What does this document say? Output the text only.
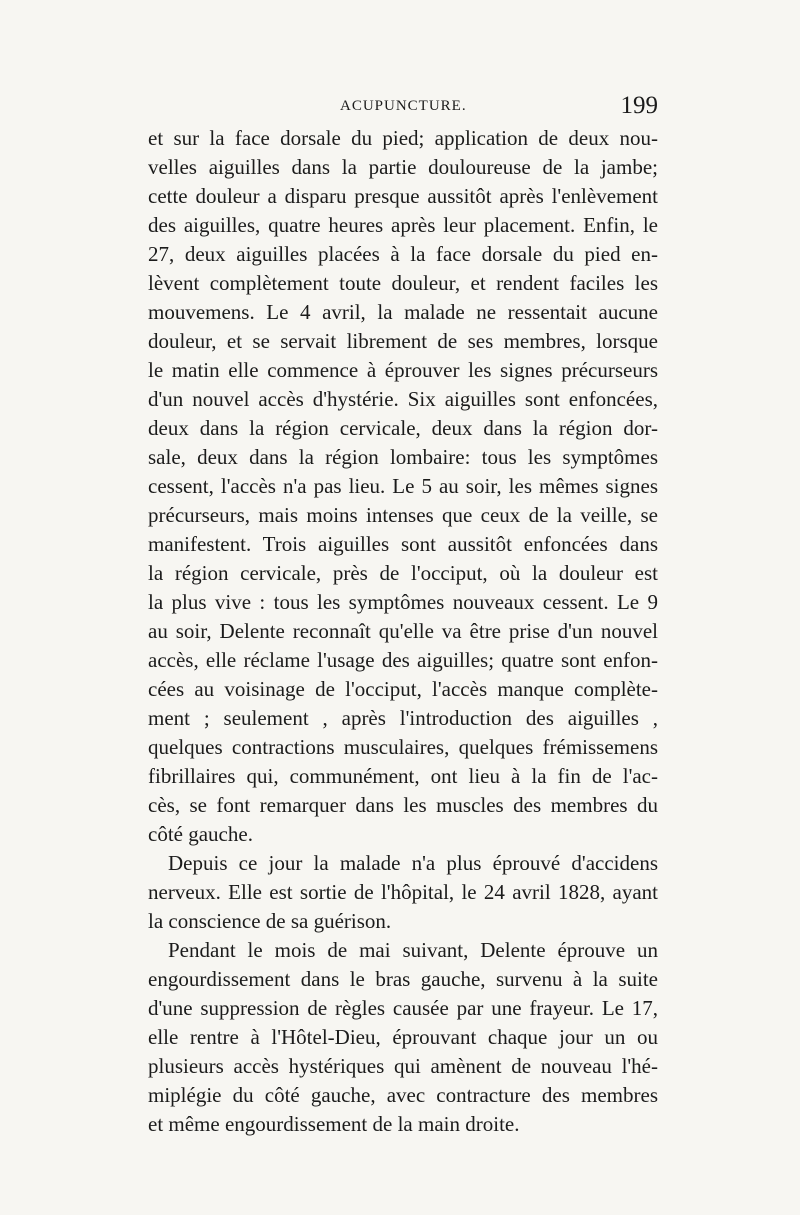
ACUPUNCTURE.	199
et sur la face dorsale du pied; application de deux nou-
velles aiguilles dans la partie douloureuse de la jambe;
cette douleur a disparu presque aussitôt après l'enlèvement
des aiguilles, quatre heures après leur placement. Enfin, le
27, deux aiguilles placées à la face dorsale du pied en-
lèvent complètement toute douleur, et rendent faciles les
mouvemens. Le 4 avril, la malade ne ressentait aucune
douleur, et se servait librement de ses membres, lorsque
le matin elle commence à éprouver les signes précurseurs
d'un nouvel accès d'hystérie. Six aiguilles sont enfoncées,
deux dans la région cervicale, deux dans la région dor-
sale, deux dans la région lombaire: tous les symptômes
cessent, l'accès n'a pas lieu. Le 5 au soir, les mêmes signes
précurseurs, mais moins intenses que ceux de la veille, se
manifestent. Trois aiguilles sont aussitôt enfoncées dans
la région cervicale, près de l'occiput, où la douleur est
la plus vive : tous les symptômes nouveaux cessent. Le 9
au soir, Delente reconnaît qu'elle va être prise d'un nouvel
accès, elle réclame l'usage des aiguilles; quatre sont enfon-
cées au voisinage de l'occiput, l'accès manque complète-
ment ; seulement , après l'introduction des aiguilles ,
quelques contractions musculaires, quelques frémissemens
fibrillaires qui, communément, ont lieu à la fin de l'ac-
cès, se font remarquer dans les muscles des membres du
côté gauche.
Depuis ce jour la malade n'a plus éprouvé d'accidens
nerveux. Elle est sortie de l'hôpital, le 24 avril 1828, ayant
la conscience de sa guérison.
Pendant le mois de mai suivant, Delente éprouve un
engourdissement dans le bras gauche, survenu à la suite
d'une suppression de règles causée par une frayeur. Le 17,
elle rentre à l'Hôtel-Dieu, éprouvant chaque jour un ou
plusieurs accès hystériques qui amènent de nouveau l'hé-
miplégie du côté gauche, avec contracture des membres
et même engourdissement de la main droite.
